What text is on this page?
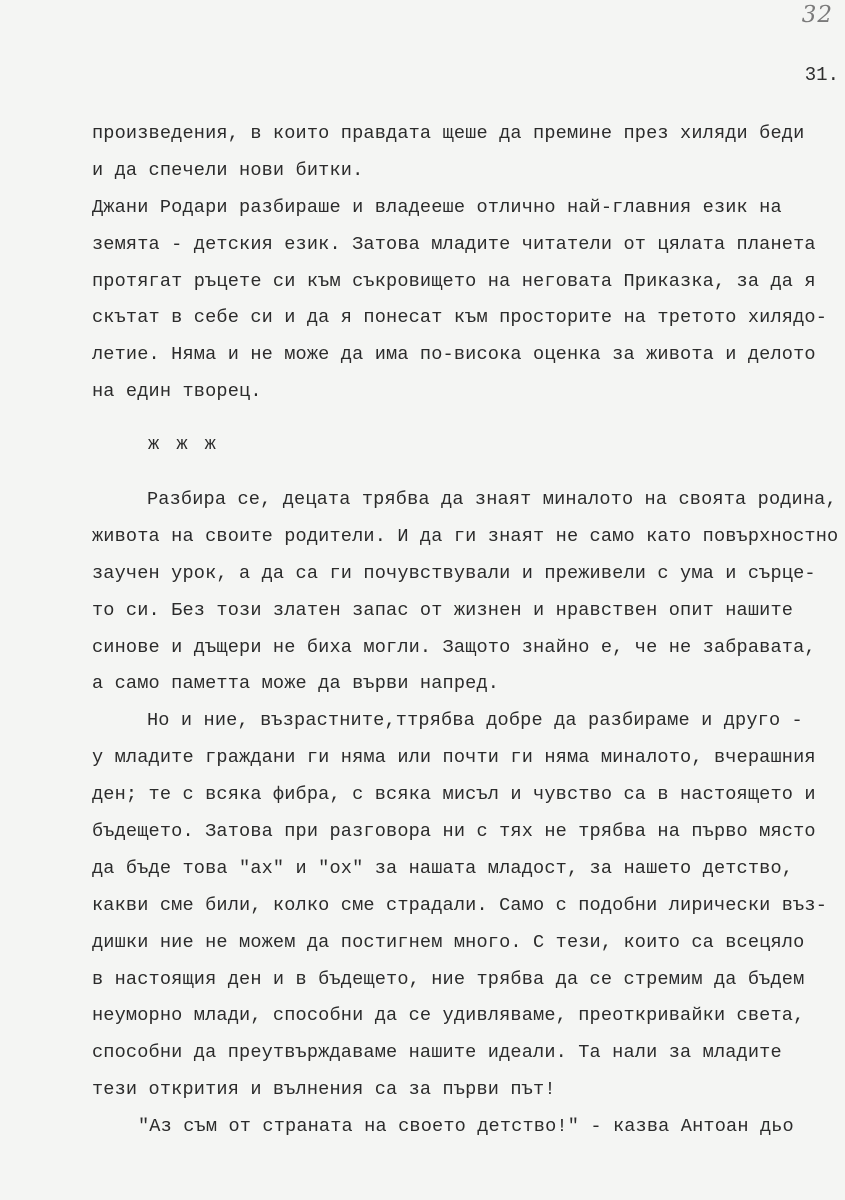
32
31.
произведения, в които правдата щеше да премине през хиляди беди
и да спечели нови битки.
Джани Родари разбираше и владееше отлично най-главния език на
земята - детския език. Затова младите читатели от цялата планета
протягат ръцете си към съкровището на неговата Приказка, за да я
скътат в себе си и да я понесат към просторите на третото хилядо-
летие. Няма и не може да има по-висока оценка за живота и делото
на един творец.
ж ж ж
Разбира се, децата трябва да знаят миналото на своята родина,
живота на своите родители. И да ги знаят не само като повърхностно
заучен урок, а да са ги почувствували и преживели с ума и сърце-
то си. Без този златен запас от жизнен и нравствен опит нашите
синове и дъщери не биха могли. Защото знайно е, че не забравата,
а само паметта може да върви напред.
Но и ние, възрастните,ттрябва добре да разбираме и друго -
у младите граждани ги няма или почти ги няма миналото, вчерашния
ден; те с всяка фибра, с всяка мисъл и чувство са в настоящето и
бъдещето. Затова при разговора ни с тях не трябва на първо място
да бъде това "ах" и "ох" за нашата младост, за нашето детство,
какви сме били, колко сме страдали. Само с подобни лирически въз-
дишки ние не можем да постигнем много. С тези, които са всецяло
в настоящия ден и в бъдещето, ние трябва да се стремим да бъдем
неуморно млади, способни да се удивляваме, преоткривайки света,
способни да преутвърждаваме нашите идеали. Та нали за младите
тези открития и вълнения са за първи път!
"Аз съм от страната на своето детство!" - казва Антоан дьо
